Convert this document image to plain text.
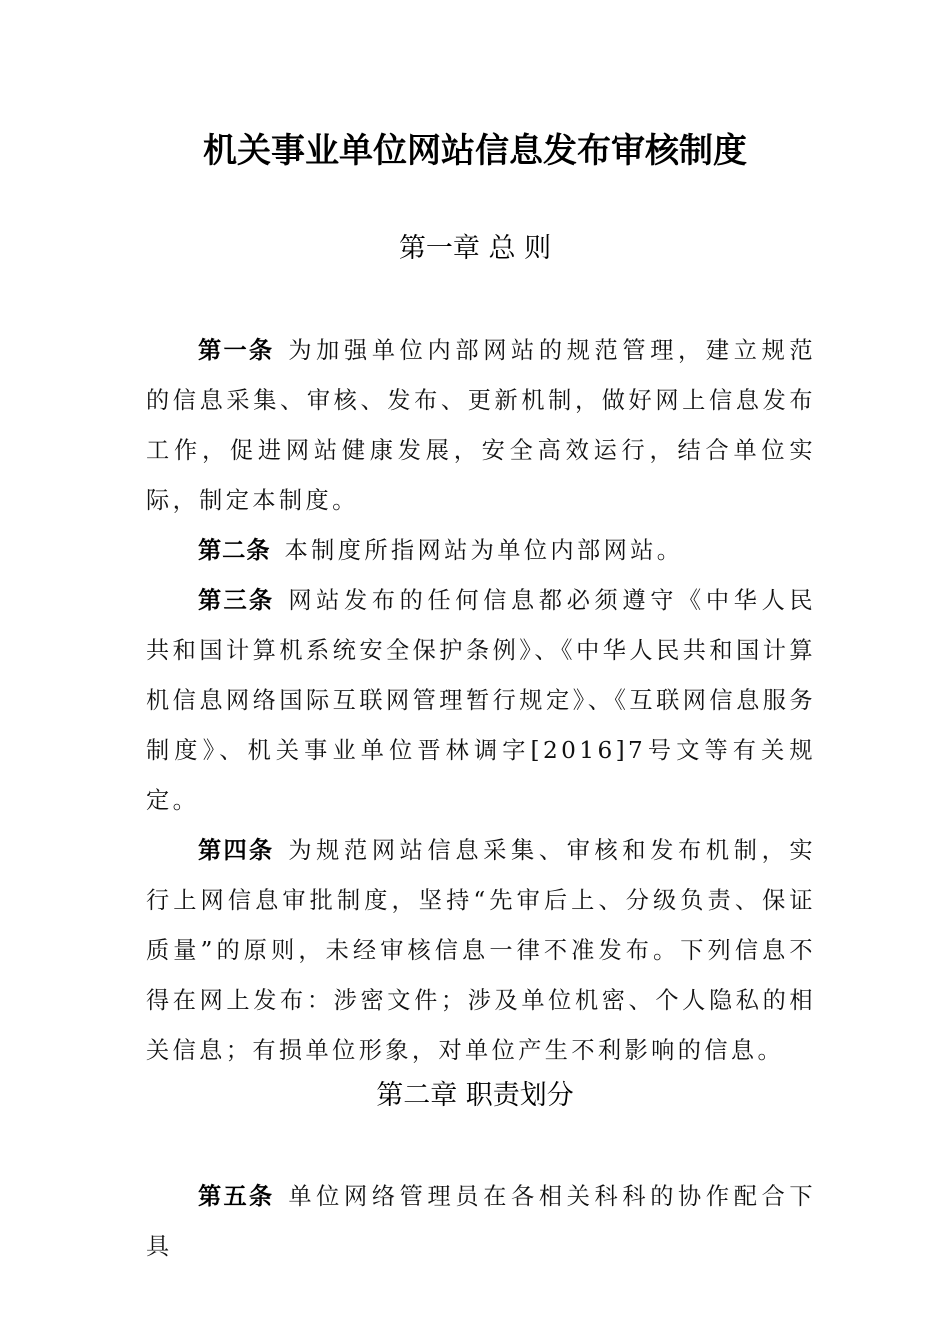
机关事业单位网站信息发布审核制度
第一章 总 则

第一条 为加强单位内部网站的规范管理，建立规范的信息采集、审核、发布、更新机制，做好网上信息发布工作，促进网站健康发展，安全高效运行，结合单位实际，制定本制度。

第二条 本制度所指网站为单位内部网站。

第三条 网站发布的任何信息都必须遵守《中华人民共和国计算机系统安全保护条例》、《中华人民共和国计算机信息网络国际互联网管理暂行规定》、《互联网信息服务制度》、机关事业单位晋林调字[2016]7号文等有关规定。

第四条 为规范网站信息采集、审核和发布机制，实行上网信息审批制度，坚持“先审后上、分级负责、保证质量”的原则，未经审核信息一律不准发布。下列信息不得在网上发布：涉密文件；涉及单位机密、个人隐私的相关信息；有损单位形象，对单位产生不利影响的信息。

第二章 职责划分

第五条 单位网络管理员在各相关科科的协作配合下具
